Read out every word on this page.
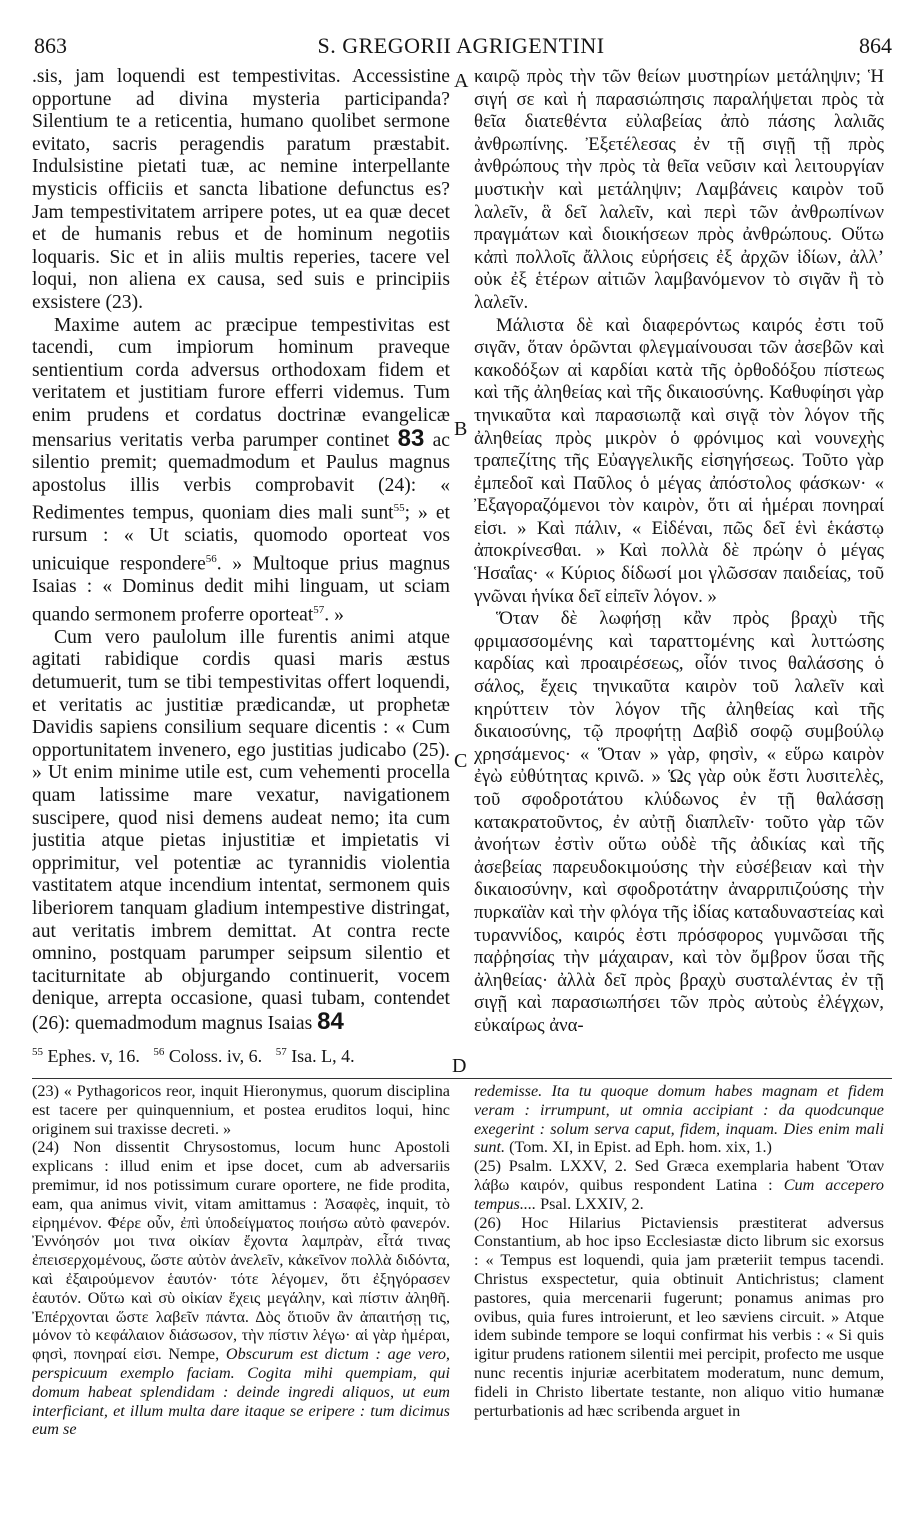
863	S. GREGORII AGRIGENTINI	864

.sis, jam loquendi est tempestivitas. Accessistine opportune ad divina mysteria participanda? Silentium te a reticentia, humano quolibet sermone evitato, sacris peragendis paratum præstabit. Indulsistine pietati tuæ, ac nemine interpellante mysticis officiis et sancta libatione defunctus es? Jam tempestivitatem arripere potes, ut ea quæ decet et de humanis rebus et de hominum negotiis loquaris. Sic et in aliis multis reperies, tacere vel loqui, non aliena ex causa, sed suis e principiis exsistere (23).

Maxime autem ac præcipue tempestivitas est tacendi, cum impiorum hominum praveque sentientium corda adversus orthodoxam fidem et veritatem et justitiam furore efferri videmus. Tum enim prudens et cordatus doctrinæ evangelicæ mensarius veritatis verba parumper continet 83 ac silentio premit; quemadmodum et Paulus magnus apostolus illis verbis comprobavit (24): « Redimentes tempus, quoniam dies mali sunt$^{55}$; » et rursum : « Ut sciatis, quomodo oporteat vos unicuique respondere$^{56}$. » Multoque prius magnus Isaias : « Dominus dedit mihi linguam, ut sciam quando sermonem proferre oporteat$^{57}$. »

Cum vero paulolum ille furentis animi atque agitati rabidique cordis quasi maris æstus detumuerit, tum se tibi tempestivitas offert loquendi, et veritatis ac justitiæ prædicandæ, ut prophetæ Davidis sapiens consilium sequare dicentis : « Cum opportunitatem invenero, ego justitias judicabo (25). » Ut enim minime utile est, cum vehementi procella quam latissime mare vexatur, navigationem suscipere, quod nisi demens audeat nemo; ita cum justitia atque pietas injustitiæ et impietatis vi opprimitur, vel potentiæ ac tyrannidis violentia vastitatem atque incendium intentat, sermonem quis liberiorem tanquam gladium intempestive distringat, aut veritatis imbrem demittat. At contra recte omnino, postquam parumper seipsum silentio et taciturnitate ab objurgando continuerit, vocem denique, arrepta occasione, quasi tubam, contendet (26): quemadmodum magnus Isaias 84

A
B
C
D

καιρῷ πρὸς τὴν τῶν θείων μυστηρίων μετάληψιν; Ἡ σιγή σε καὶ ἡ παρασιώπησις παραλήψεται πρὸς τὰ θεῖα διατεθέντα εὐλαβείας ἀπὸ πάσης λαλιᾶς ἀνθρωπίνης. Ἐξετέλεσας ἐν τῇ σιγῇ τῇ πρὸς ἀνθρώπους τὴν πρὸς τὰ θεῖα νεῦσιν καὶ λειτουργίαν μυστικὴν καὶ μετάληψιν; Λαμβάνεις καιρὸν τοῦ λαλεῖν, ἃ δεῖ λαλεῖν, καὶ περὶ τῶν ἀνθρωπίνων πραγμάτων καὶ διοικήσεων πρὸς ἀνθρώπους. Οὕτω κἀπὶ πολλοῖς ἄλλοις εὑρήσεις ἐξ ἀρχῶν ἰδίων, ἀλλ’ οὐκ ἐξ ἑτέρων αἰτιῶν λαμβανόμενον τὸ σιγᾶν ἢ τὸ λαλεῖν.

Μάλιστα δὲ καὶ διαφερόντως καιρός ἐστι τοῦ σιγᾶν, ὅταν ὁρῶνται φλεγμαίνουσαι τῶν ἀσεβῶν καὶ κακοδόξων αἱ καρδίαι κατὰ τῆς ὀρθοδόξου πίστεως καὶ τῆς ἀληθείας καὶ τῆς δικαιοσύνης. Καθυφίησι γὰρ τηνικαῦτα καὶ παρασιωπᾷ καὶ σιγᾷ τὸν λόγον τῆς ἀληθείας πρὸς μικρὸν ὁ φρόνιμος καὶ νουνεχὴς τραπεζίτης τῆς Εὐαγγελικῆς εἰσηγήσεως. Τοῦτο γὰρ ἐμπεδοῖ καὶ Παῦλος ὁ μέγας ἀπόστολος φάσκων· « Ἐξαγοραζόμενοι τὸν καιρὸν, ὅτι αἱ ἡμέραι πονηραί εἰσι. » Καὶ πάλιν, « Εἰδέναι, πῶς δεῖ ἑνὶ ἑκάστῳ ἀποκρίνεσθαι. » Καὶ πολλὰ δὲ πρώην ὁ μέγας Ἡσαΐας· « Κύριος δίδωσί μοι γλῶσσαν παιδείας, τοῦ γνῶναι ἡνίκα δεῖ εἰπεῖν λόγον. »

Ὅταν δὲ λωφήσῃ κἂν πρὸς βραχὺ τῆς φριμασσομένης καὶ ταραττομένης καὶ λυττώσης καρδίας καὶ προαιρέσεως, οἷόν τινος θαλάσσης ὁ σάλος, ἔχεις τηνικαῦτα καιρὸν τοῦ λαλεῖν καὶ κηρύττειν τὸν λόγον τῆς ἀληθείας καὶ τῆς δικαιοσύνης, τῷ προφήτῃ Δαβὶδ σοφῷ συμβούλῳ χρησάμενος· « Ὅταν » γὰρ, φησὶν, « εὕρω καιρὸν ἐγὼ εὐθύτητας κρινῶ. » Ὡς γὰρ οὐκ ἔστι λυσιτελὲς, τοῦ σφοδροτάτου κλύδωνος ἐν τῇ θαλάσσῃ κατακρατοῦντος, ἐν αὐτῇ διαπλεῖν· τοῦτο γὰρ τῶν ἀνοήτων ἐστὶν οὕτω οὐδὲ τῆς ἀδικίας καὶ τῆς ἀσεβείας παρευδοκιμούσης τὴν εὐσέβειαν καὶ τὴν δικαιοσύνην, καὶ σφοδροτάτην ἀναρριπιζούσης τὴν πυρκαϊὰν καὶ τὴν φλόγα τῆς ἰδίας καταδυναστείας καὶ τυραννίδος, καιρός ἐστι πρόσφορος γυμνῶσαι τῆς παῤῥησίας τὴν μάχαιραν, καὶ τὸν ὄμβρον ὕσαι τῆς ἀληθείας· ἀλλὰ δεῖ πρὸς βραχὺ συσταλέντας ἐν τῇ σιγῇ καὶ παρασιωπήσει τῶν πρὸς αὐτοὺς ἐλέγχων, εὐκαίρως ἀνα-

$^{55}$ Ephes. v, 16. $^{56}$ Coloss. iv, 6. $^{57}$ Isa. L, 4.

(23) « Pythagoricos reor, inquit Hieronymus, quorum disciplina est tacere per quinquennium, et postea eruditos loqui, hinc originem sui traxisse decreti. »

(24) Non dissentit Chrysostomus, locum hunc Apostoli explicans : illud enim et ipse docet, cum ab adversariis premimur, id nos potissimum curare oportere, ne fide prodita, eam, qua animus vivit, vitam amittamus : Ἀσαφὲς, inquit, τὸ εἰρημένον. Φέρε οὖν, ἐπὶ ὑποδείγματος ποιήσω αὐτὸ φανερόν. Ἐννόησόν μοι τινα οἰκίαν ἔχοντα λαμπρὰν, εἶτά τινας ἐπεισερχομένους, ὥστε αὐτὸν ἀνελεῖν, κἀκεῖνον πολλὰ διδόντα, καὶ ἐξαιρούμενον ἑαυτόν· τότε λέγομεν, ὅτι ἐξηγόρασεν ἑαυτόν. Οὕτω καὶ σὺ οἰκίαν ἔχεις μεγάλην, καὶ πίστιν ἀληθῆ. Ἐπέρχονται ὥστε λαβεῖν πάντα. Δὸς ὅτιοῦν ἂν ἀπαιτήσῃ τις, μόνον τὸ κεφάλαιον διάσωσον, τὴν πίστιν λέγω· αἱ γὰρ ἡμέραι, φησὶ, πονηραί εἰσι. Nempe, Obscurum est dictum : age vero, perspicuum exemplo faciam. Cogita mihi quempiam, qui domum habeat splendidam : deinde ingredi aliquos, ut eum interficiant, et illum multa dare itaque se eripere : tum dicimus eum se

redemisse. Ita tu quoque domum habes magnam et fidem veram : irrumpunt, ut omnia accipiant : da quodcunque exegerint : solum serva caput, fidem, inquam. Dies enim mali sunt. (Tom. XI, in Epist. ad Eph. hom. xix, 1.)

(25) Psalm. LXXV, 2. Sed Græca exemplaria habent Ὅταν λάβω καιρόν, quibus respondent Latina : Cum accepero tempus.... Psal. LXXIV, 2.

(26) Hoc Hilarius Pictaviensis præstiterat adversus Constantium, ab hoc ipso Ecclesiastæ dicto librum sic exorsus : « Tempus est loquendi, quia jam præteriit tempus tacendi. Christus exspectetur, quia obtinuit Antichristus; clament pastores, quia mercenarii fugerunt; ponamus animas pro ovibus, quia fures introierunt, et leo sæviens circuit. » Atque idem subinde tempore se loqui confirmat his verbis : « Si quis igitur prudens rationem silentii mei percipit, profecto me usque nunc recentis injuriæ acerbitatem moderatum, nunc demum, fideli in Christo libertate testante, non aliquo vitio humanæ perturbationis ad hæc scribenda arguet in
